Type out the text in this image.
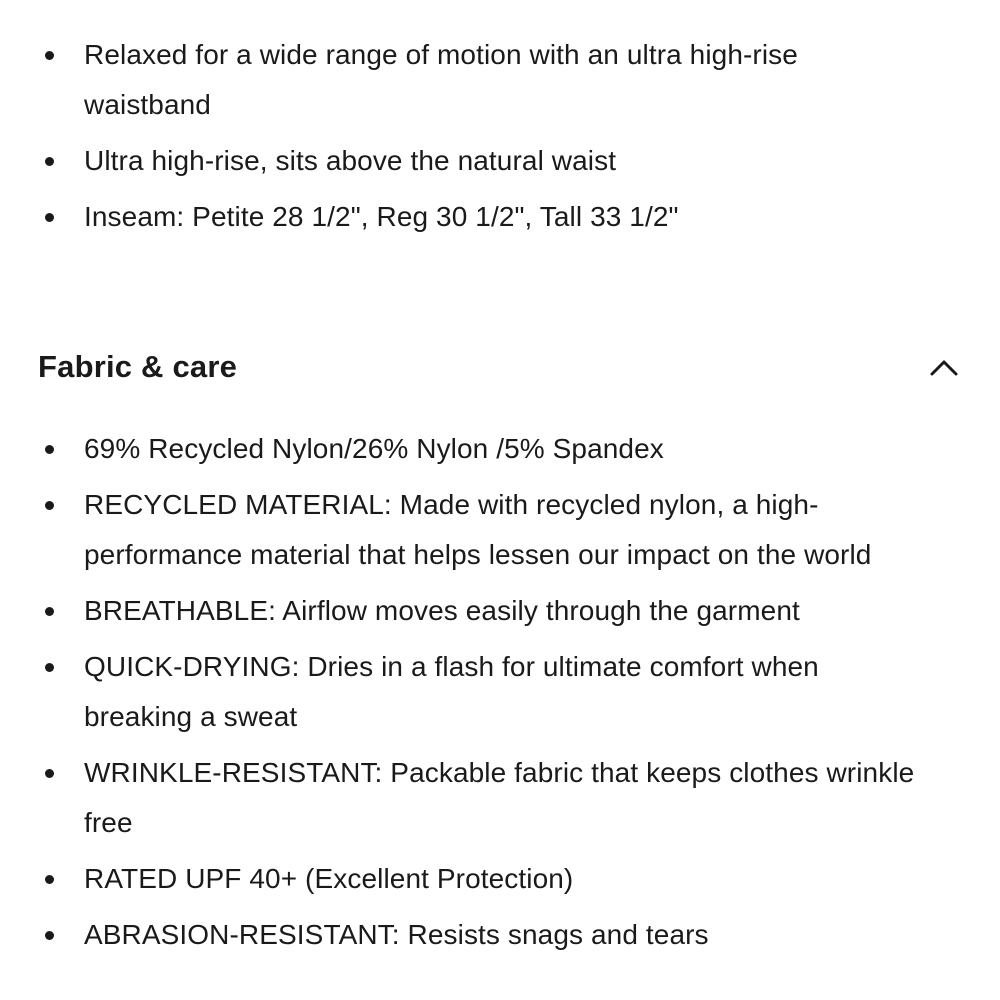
Relaxed for a wide range of motion with an ultra high-rise waistband
Ultra high-rise, sits above the natural waist
Inseam: Petite 28 1/2", Reg 30 1/2", Tall 33 1/2"
Fabric & care
69% Recycled Nylon/26% Nylon /5% Spandex
RECYCLED MATERIAL: Made with recycled nylon, a high-performance material that helps lessen our impact on the world
BREATHABLE: Airflow moves easily through the garment
QUICK-DRYING: Dries in a flash for ultimate comfort when breaking a sweat
WRINKLE-RESISTANT: Packable fabric that keeps clothes wrinkle free
RATED UPF 40+ (Excellent Protection)
ABRASION-RESISTANT: Resists snags and tears
